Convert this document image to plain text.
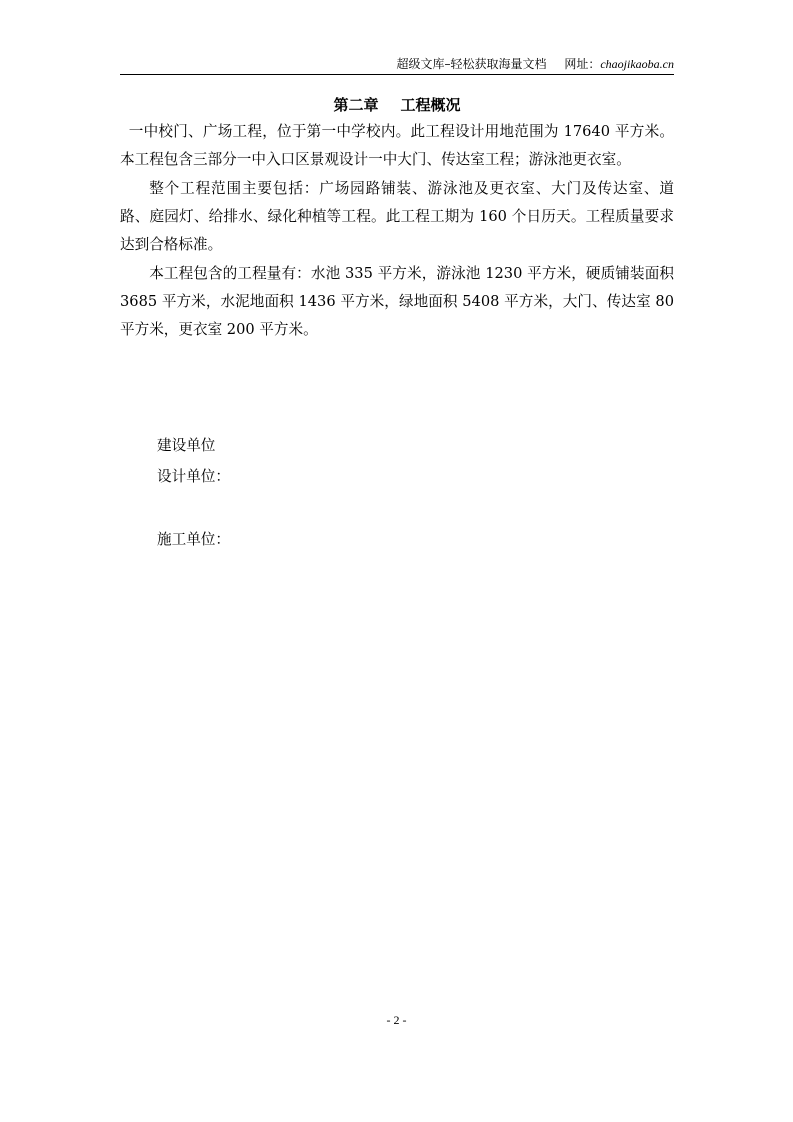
超级文库–轻松获取海量文档 网址：chaojikaoba.cn
第二章 工程概况

一中校门、广场工程，位于第一中学校内。此工程设计用地范围为 17640 平方米。本工程包含三部分一中入口区景观设计一中大门、传达室工程；游泳池更衣室。

整个工程范围主要包括：广场园路铺装、游泳池及更衣室、大门及传达室、道路、庭园灯、给排水、绿化种植等工程。此工程工期为 160 个日历天。工程质量要求达到合格标准。

本工程包含的工程量有：水池 335 平方米，游泳池 1230 平方米，硬质铺装面积 3685 平方米，水泥地面积 1436 平方米，绿地面积 5408 平方米，大门、传达室 80 平方米，更衣室 200 平方米。

建设单位
设计单位：
施工单位：
- 2 -
